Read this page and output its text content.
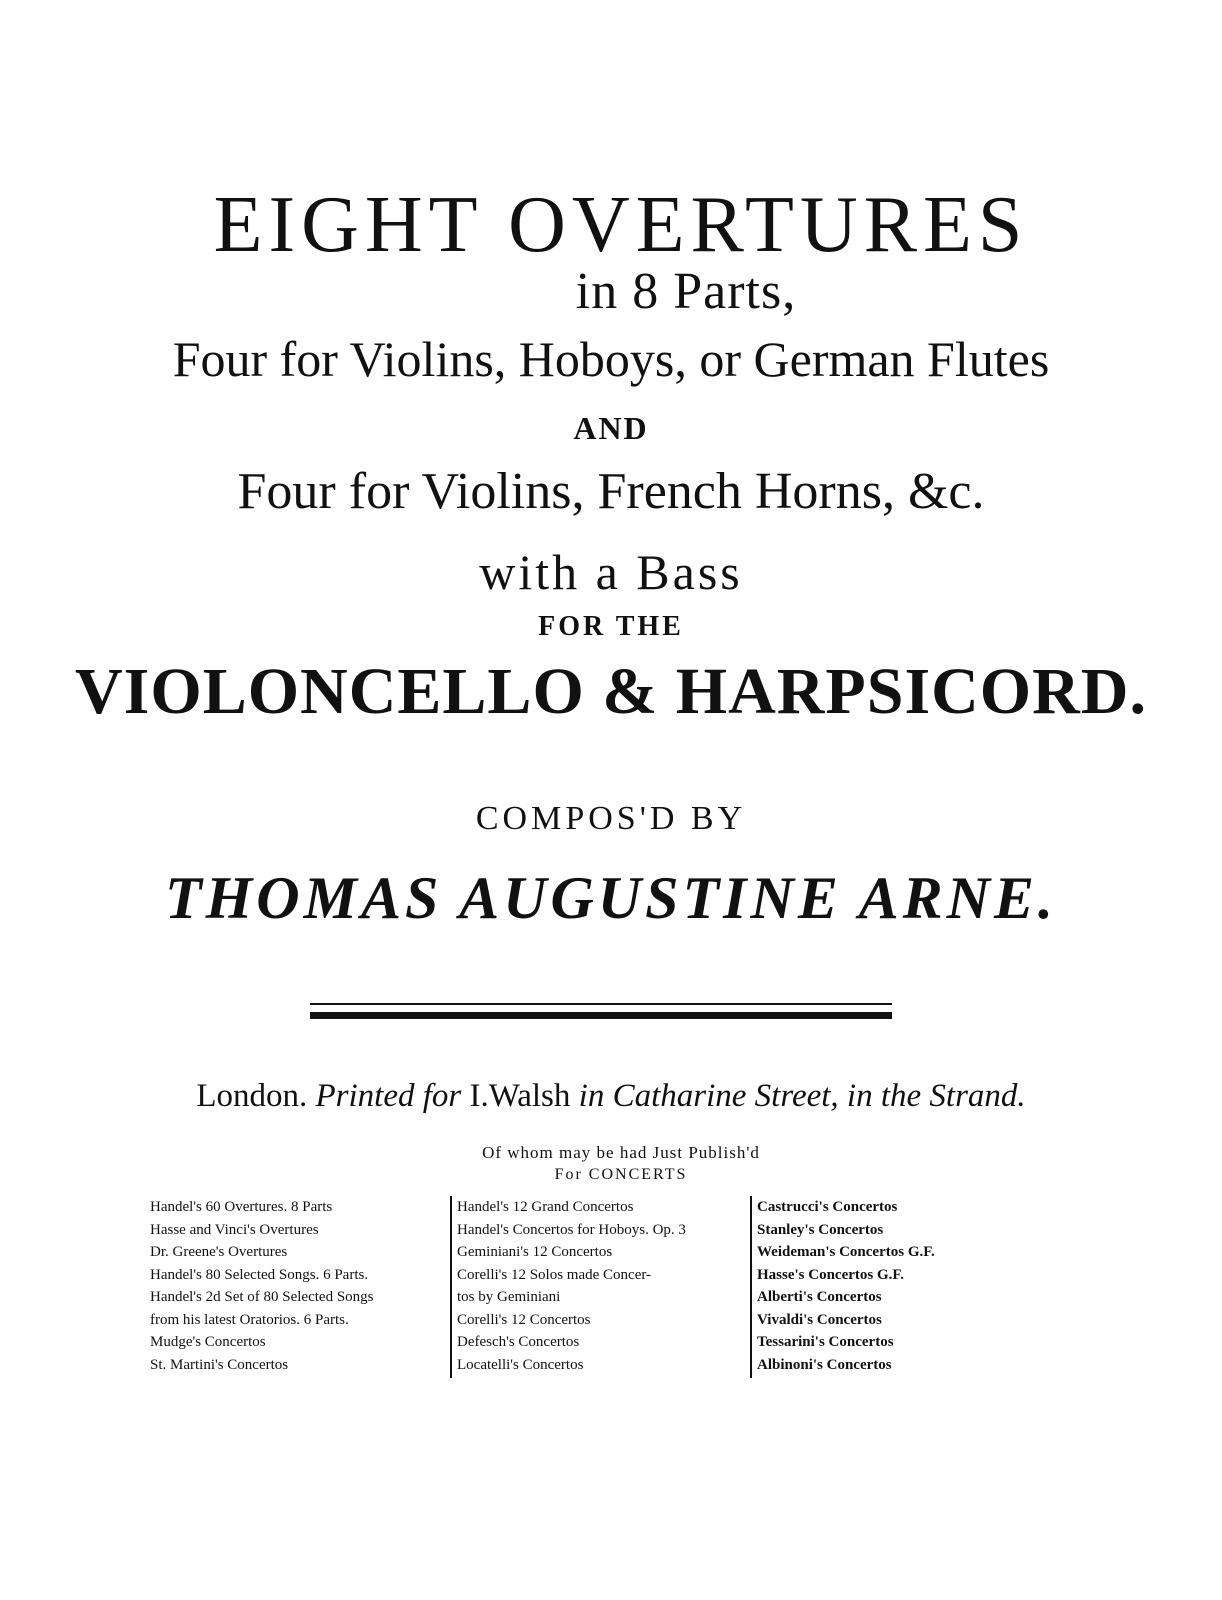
EIGHT OVERTURES
in 8 Parts,
Four for Violins, Hoboys, or German Flutes
AND
Four for Violins, French Horns, &c.
with a Bass
FOR THE
VIOLONCELLO & HARPSICORD.
COMPOS'D BY
THOMAS AUGUSTINE ARNE.
London. Printed for I.Walsh in Catharine Street, in the Strand.
Of whom may be had Just Publish'd
For CONCERTS
Handel's 60 Overtures. 8 Parts
Hasse and Vinci's Overtures
Dr. Greene's Overtures
Handel's 80 Selected Songs. 6 Parts.
Handel's 2d Set of 80 Selected Songs
from his latest Oratorios. 6 Parts.
Mudge's Concertos
St. Martini's Concertos
Handel's 12 Grand Concertos
Handel's Concertos for Hoboys. Op. 3
Geminiani's 12 Concertos
Corelli's 12 Solos made Concer-
tos by Geminiani
Corelli's 12 Concertos
Defesch's Concertos
Locatelli's Concertos
Castrucci's Concertos
Stanley's Concertos
Weideman's Concertos G.F.
Hasse's Concertos G.F.
Alberti's Concertos
Vivaldi's Concertos
Tessarini's Concertos
Albinoni's Concertos
